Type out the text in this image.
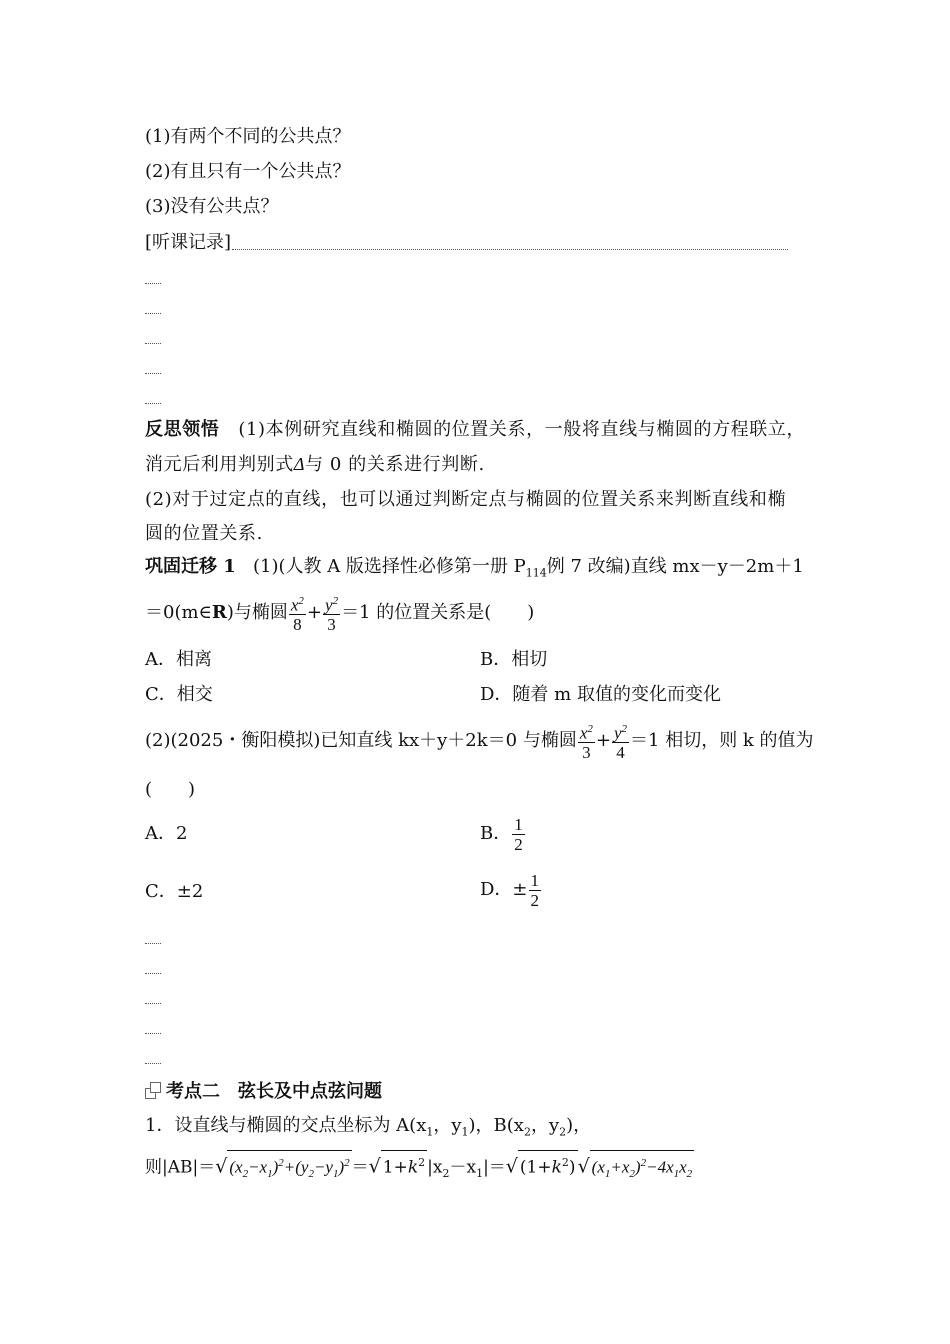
(1)有两个不同的公共点？
(2)有且只有一个公共点？
(3)没有公共点？
[听课记录]
反思领悟 (1)本例研究直线和椭圆的位置关系，一般将直线与椭圆的方程联立，
消元后利用判别式Δ与 0 的关系进行判断.
(2)对于过定点的直线，也可以通过判断定点与椭圆的位置关系来判断直线和椭
圆的位置关系.
巩固迁移 1 (1)(人教 A 版选择性必修第一册 $P_{114}$例 7 改编)直线 mx－y－2m＋1
＝0(m∈R)与椭圆 $\frac{x^2}{8} + \frac{y^2}{3} =1$ 的位置关系是(　　)
A．相离	B．相切
C．相交	D．随着 m 取值的变化而变化
(2)(2025・衡阳模拟)已知直线 kx＋y＋2k＝0 与椭圆 $\frac{x^2}{3} + \frac{y^2}{4} =1$ 相切，则 k 的值为
(　　)
A．2	B． $\frac{1}{2}$
C．±2	D．± $\frac{1}{2}$
考点二　弦长及中点弦问题
1．设直线与椭圆的交点坐标为 $A(x_1$，$y_1$)，$B(x_2$，$y_2$)，
则|AB|＝√ $(x_2-x_1)^2+(y_2-y_1)^2$ ＝√ $1+k^2$ $|x_2-x_1|=√$ $(1+k^2)$ √ $(x_1+x_2)^2-4x_1x_2$
